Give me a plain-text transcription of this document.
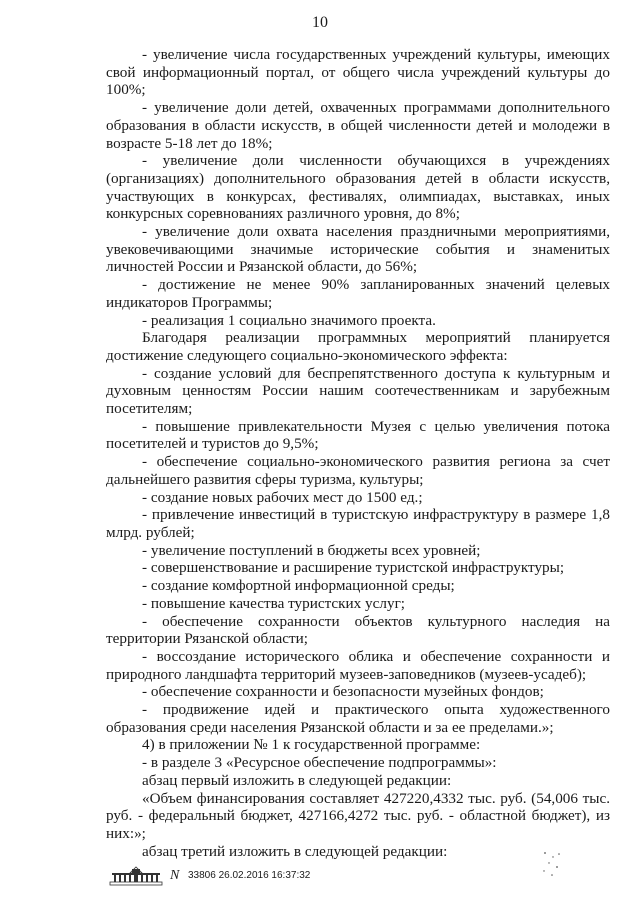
10

- увеличение числа государственных учреждений культуры, имеющих свой информационный портал, от общего числа учреждений культуры до 100%;

- увеличение доли детей, охваченных программами дополнительного образования в области искусств, в общей численности детей и молодежи в возрасте 5-18 лет до 18%;

- увеличение доли численности обучающихся в учреждениях (организациях) дополнительного образования детей в области искусств, участвующих в конкурсах, фестивалях, олимпиадах, выставках, иных конкурсных соревнованиях различного уровня, до 8%;

- увеличение доли охвата населения праздничными мероприятиями, увековечивающими значимые исторические события и знаменитых личностей России и Рязанской области, до 56%;

- достижение не менее 90% запланированных значений целевых индикаторов Программы;

- реализация 1 социально значимого проекта.

Благодаря реализации программных мероприятий планируется достижение следующего социально-экономического эффекта:

- создание условий для беспрепятственного доступа к культурным и духовным ценностям России нашим соотечественникам и зарубежным посетителям;

- повышение привлекательности Музея с целью увеличения потока посетителей и туристов до 9,5%;

- обеспечение социально-экономического развития региона за счет дальнейшего развития сферы туризма, культуры;

- создание новых рабочих мест до 1500 ед.;

- привлечение инвестиций в туристскую инфраструктуру в размере 1,8 млрд. рублей;

- увеличение поступлений в бюджеты всех уровней;

- совершенствование и расширение туристской инфраструктуры;

- создание комфортной информационной среды;

- повышение качества туристских услуг;

- обеспечение сохранности объектов культурного наследия на территории Рязанской области;

- воссоздание исторического облика и обеспечение сохранности и природного ландшафта территорий музеев-заповедников (музеев-усадеб);

- обеспечение сохранности и безопасности музейных фондов;

- продвижение идей и практического опыта художественного образования среди населения Рязанской области и за ее пределами.»;

4) в приложении № 1 к государственной программе:

- в разделе 3 «Ресурсное обеспечение подпрограммы»:

абзац первый изложить в следующей редакции:

«Объем финансирования составляет 427220,4332 тыс. руб. (54,006 тыс. руб. - федеральный бюджет, 427166,4272 тыс. руб. - областной бюджет), из них:»;

абзац третий изложить в следующей редакции:

N 33806 26.02.2016 16:37:32
